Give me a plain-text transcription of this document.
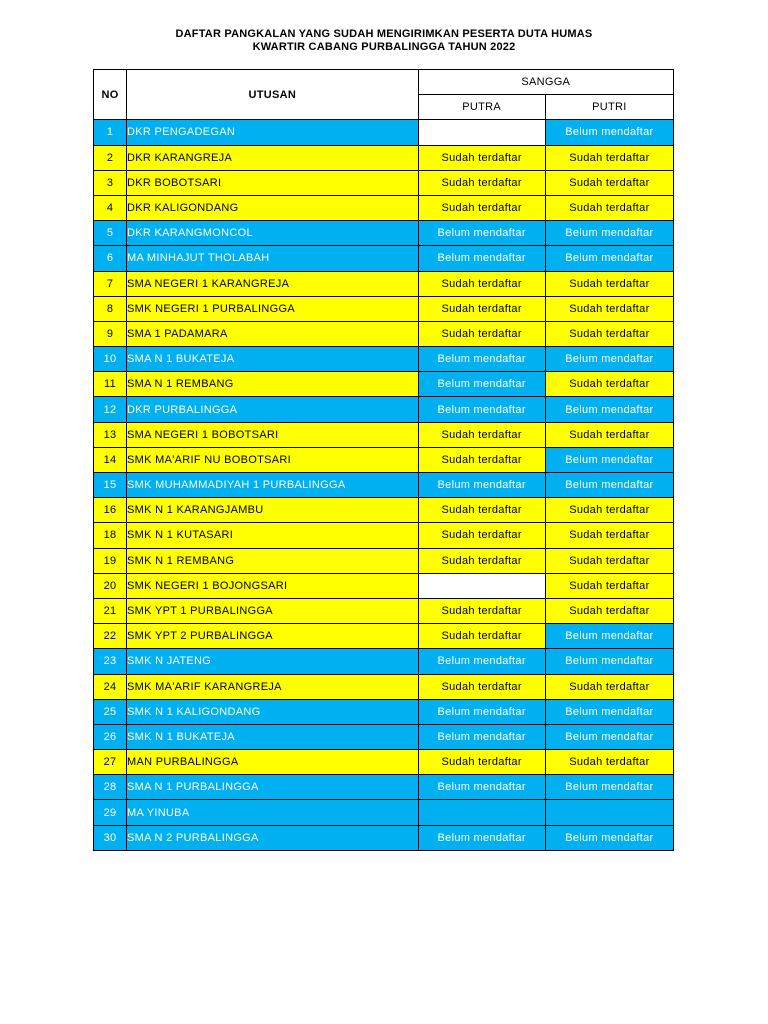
DAFTAR PANGKALAN YANG SUDAH MENGIRIMKAN PESERTA DUTA HUMAS
KWARTIR CABANG PURBALINGGA TAHUN 2022
NO	UTUSAN	SANGGA	
		PUTRA	PUTRI
1	DKR PENGADEGAN		Belum mendaftar
2	DKR KARANGREJA	Sudah terdaftar	Sudah terdaftar
3	DKR BOBOTSARI	Sudah terdaftar	Sudah terdaftar
4	DKR KALIGONDANG	Sudah terdaftar	Sudah terdaftar
5	DKR KARANGMONCOL	Belum mendaftar	Belum mendaftar
6	MA MINHAJUT THOLABAH	Belum mendaftar	Belum mendaftar
7	SMA NEGERI 1 KARANGREJA	Sudah terdaftar	Sudah terdaftar
8	SMK NEGERI 1 PURBALINGGA	Sudah terdaftar	Sudah terdaftar
9	SMA 1 PADAMARA	Sudah terdaftar	Sudah terdaftar
10	SMA N 1 BUKATEJA	Belum mendaftar	Belum mendaftar
11	SMA N 1 REMBANG	Belum mendaftar	Sudah terdaftar
12	DKR PURBALINGGA	Belum mendaftar	Belum mendaftar
13	SMA NEGERI 1 BOBOTSARI	Sudah terdaftar	Sudah terdaftar
14	SMK MA'ARIF NU BOBOTSARI	Sudah terdaftar	Belum mendaftar
15	SMK MUHAMMADIYAH 1 PURBALINGGA	Belum mendaftar	Belum mendaftar
16	SMK N 1 KARANGJAMBU	Sudah terdaftar	Sudah terdaftar
18	SMK N 1 KUTASARI	Sudah terdaftar	Sudah terdaftar
19	SMK N 1 REMBANG	Sudah terdaftar	Sudah terdaftar
20	SMK NEGERI 1 BOJONGSARI		Sudah terdaftar
21	SMK YPT 1 PURBALINGGA	Sudah terdaftar	Sudah terdaftar
22	SMK YPT 2 PURBALINGGA	Sudah terdaftar	Belum mendaftar
23	SMK N JATENG	Belum mendaftar	Belum mendaftar
24	SMK MA'ARIF KARANGREJA	Sudah terdaftar	Sudah terdaftar
25	SMK N 1 KALIGONDANG	Belum mendaftar	Belum mendaftar
26	SMK N 1 BUKATEJA	Belum mendaftar	Belum mendaftar
27	MAN PURBALINGGA	Sudah terdaftar	Sudah terdaftar
28	SMA N 1 PURBALINGGA	Belum mendaftar	Belum mendaftar
29	MA YINUBA		
30	SMA N 2 PURBALINGGA	Belum mendaftar	Belum mendaftar
